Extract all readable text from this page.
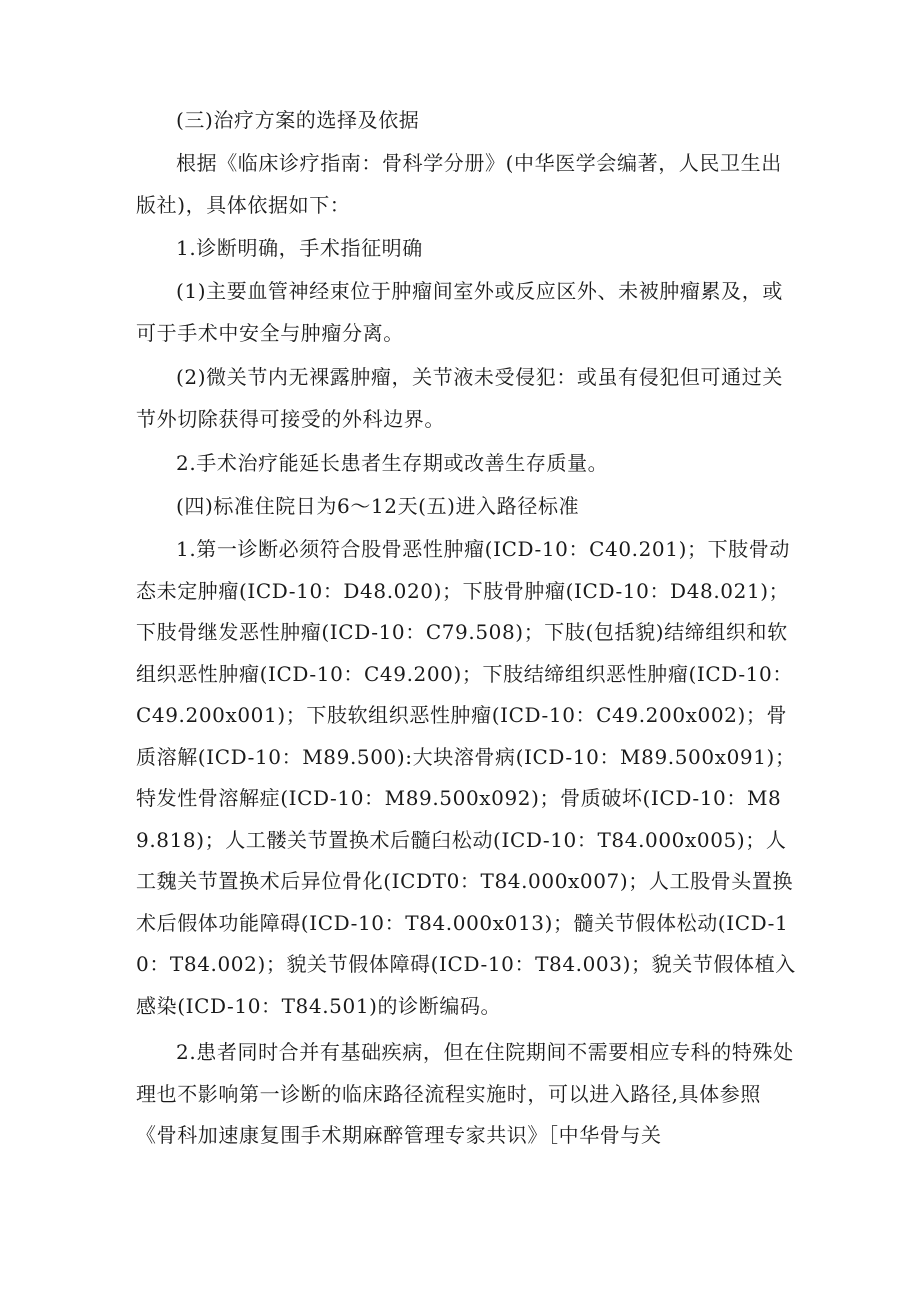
(三)治疗方案的选择及依据

根据《临床诊疗指南：骨科学分册》(中华医学会编著，人民卫生出版社)，具体依据如下：

1.诊断明确，手术指征明确

(1)主要血管神经束位于肿瘤间室外或反应区外、未被肿瘤累及，或可于手术中安全与肿瘤分离。

(2)微关节内无裸露肿瘤，关节液未受侵犯：或虽有侵犯但可通过关节外切除获得可接受的外科边界。

2.手术治疗能延长患者生存期或改善生存质量。

(四)标准住院日为6～12天(五)进入路径标准

1.第一诊断必须符合股骨恶性肿瘤(ICD-10：C40.201)；下肢骨动态未定肿瘤(ICD-10：D48.020)；下肢骨肿瘤(ICD-10：D48.021)；下肢骨继发恶性肿瘤(ICD-10：C79.508)；下肢(包括貌)结缔组织和软组织恶性肿瘤(ICD-10：C49.200)；下肢结缔组织恶性肿瘤(ICD-10：C49.200x001)；下肢软组织恶性肿瘤(ICD-10：C49.200x002)；骨质溶解(ICD-10：M89.500):大块溶骨病(ICD-10：M89.500x091)；特发性骨溶解症(ICD-10：M89.500x092)；骨质破坏(ICD-10：M89.818)；人工髅关节置换术后髓臼松动(ICD-10：T84.000x005)；人工魏关节置换术后异位骨化(ICDT0：T84.000x007)；人工股骨头置换术后假体功能障碍(ICD-10：T84.000x013)；髓关节假体松动(ICD-10：T84.002)；貌关节假体障碍(ICD-10：T84.003)；貌关节假体植入感染(ICD-10：T84.501)的诊断编码。

2.患者同时合并有基础疾病，但在住院期间不需要相应专科的特殊处理也不影响第一诊断的临床路径流程实施时，可以进入路径,具体参照《骨科加速康复围手术期麻醉管理专家共识》［中华骨与关
